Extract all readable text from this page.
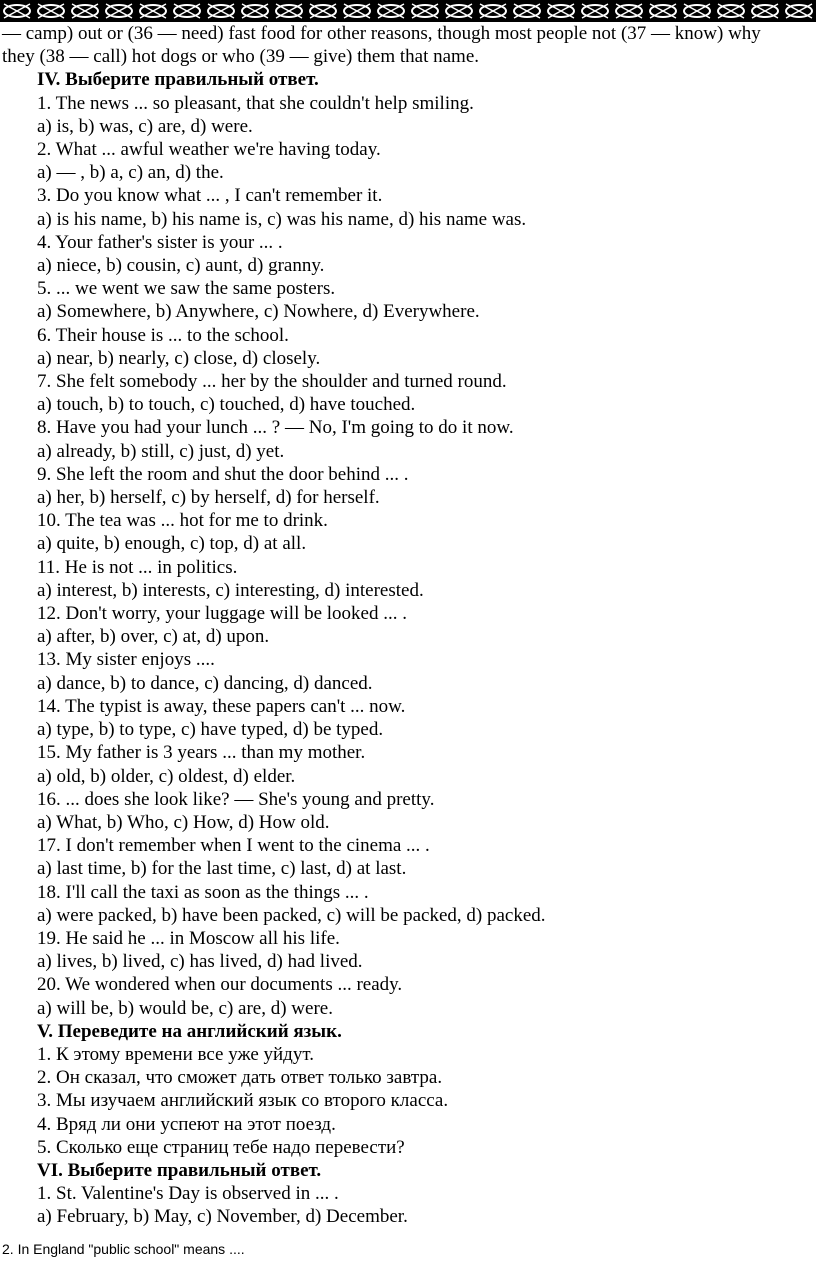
— camp) out or (36 — need) fast food for other reasons, though most people not (37 — know) why

they (38 — call) hot dogs or who (39 — give) them that name.

IV. Выберите правильный ответ.

1. The news ... so pleasant, that she couldn't help smiling.

a) is, b) was, c) are, d) were.

2. What ... awful weather we're having today.

a) — , b) a, c) an, d) the.

3. Do you know what ... , I can't remember it.

a) is his name, b) his name is, c) was his name, d) his name was.

4. Your father's sister is your ... .

a) niece, b) cousin, c) aunt, d) granny.

5. ... we went we saw the same posters.

a) Somewhere, b) Anywhere, c) Nowhere, d) Everywhere.

6. Their house is ... to the school.

a) near, b) nearly, c) close, d) closely.

7. She felt somebody ... her by the shoulder and turned round.

a) touch, b) to touch, c) touched, d) have touched.

8. Have you had your lunch ... ? — No, I'm going to do it now.

a) already, b) still, c) just, d) yet.

9. She left the room and shut the door behind ... .

a) her, b) herself, c) by herself, d) for herself.

10. The tea was ... hot for me to drink.

a) quite, b) enough, c) top, d) at all.

11. He is not ... in politics.

a) interest, b) interests, c) interesting, d) interested.

12. Don't worry, your luggage will be looked ... .

a) after, b) over, c) at, d) upon.

13. My sister enjoys ....

a) dance, b) to dance, c) dancing, d) danced.

14. The typist is away, these papers can't ... now.

a) type, b) to type, c) have typed, d) be typed.

15. My father is 3 years ... than my mother.

a) old, b) older, c) oldest, d) elder.

16. ... does she look like? — She's young and pretty.

a) What, b) Who, c) How, d) How old.

17. I don't remember when I went to the cinema ... .

a) last time, b) for the last time, c) last, d) at last.

18. I'll call the taxi as soon as the things ... .

a) were packed, b) have been packed, c) will be packed, d) packed.

19. He said he ... in Moscow all his life.

a) lives, b) lived, c) has lived, d) had lived.

20. We wondered when our documents ... ready.

a) will be, b) would be, c) are, d) were.

V. Переведите на английский язык.

1. К этому времени все уже уйдут.

2. Он сказал, что сможет дать ответ только завтра.

3. Мы изучаем английский язык со второго класса.

4. Вряд ли они успеют на этот поезд.

5. Сколько еще страниц тебе надо перевести?

VI. Выберите правильный ответ.

1. St. Valentine's Day is observed in ... .

a) February, b) May, c) November, d) December.

2. In England "public school" means ....
